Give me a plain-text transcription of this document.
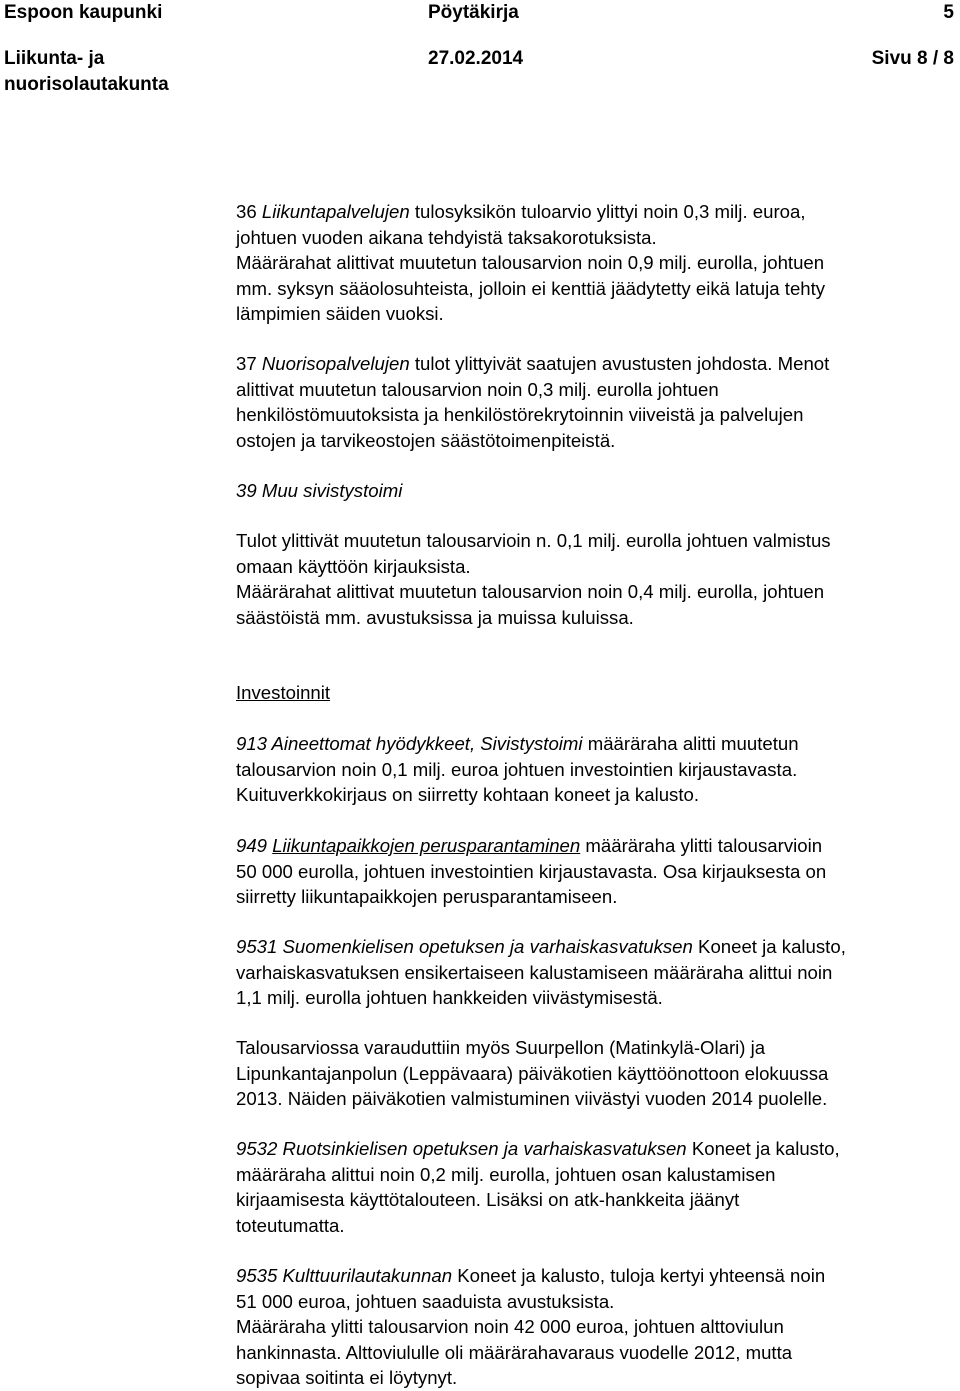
Espoon kaupunki	Pöytäkirja	5
Liikunta- ja
nuorisolautakunta
27.02.2014	Sivu 8 / 8
36 Liikuntapalvelujen tulosyksikön tuloarvio ylittyi noin 0,3 milj. euroa,
johtuen vuoden aikana tehdyistä taksakorotuksista.
Määrärahat alittivat muutetun talousarvion noin 0,9 milj. eurolla, johtuen
mm. syksyn sääolosuhteista, jolloin ei kenttiä jäädytetty eikä latuja tehty
lämpimien säiden vuoksi.
37 Nuorisopalvelujen tulot ylittyivät saatujen avustusten johdosta. Menot
alittivat muutetun talousarvion noin 0,3 milj. eurolla johtuen
henkilöstömuutoksista ja henkilöstörekrytoinnin viiveistä ja palvelujen
ostojen ja tarvikeostojen säästötoimenpiteistä.
39 Muu sivistystoimi
Tulot ylittivät muutetun talousarvioin n. 0,1 milj. eurolla johtuen valmistus
omaan käyttöön kirjauksista.
Määrärahat alittivat muutetun talousarvion noin 0,4 milj. eurolla, johtuen
säästöistä mm. avustuksissa ja muissa kuluissa.
Investoinnit
913 Aineettomat hyödykkeet, Sivistystoimi määräraha alitti muutetun
talousarvion noin 0,1 milj. euroa johtuen investointien kirjaustavasta.
Kuituverkkokirjaus on siirretty kohtaan koneet ja kalusto.
949 Liikuntapaikkojen perusparantaminen määräraha ylitti talousarvioin
50 000 eurolla, johtuen investointien kirjaustavasta. Osa kirjauksesta on
siirretty liikuntapaikkojen perusparantamiseen.
9531 Suomenkielisen opetuksen ja varhaiskasvatuksen Koneet ja kalusto,
varhaiskasvatuksen ensikertaiseen kalustamiseen määräraha alittui noin
1,1 milj. eurolla johtuen hankkeiden viivästymisestä.
Talousarviossa varauduttiin myös Suurpellon (Matinkylä-Olari) ja
Lipunkantajanpolun (Leppävaara) päiväkotien käyttöönottoon elokuussa
2013. Näiden päiväkotien valmistuminen viivästyi vuoden 2014 puolelle.
9532 Ruotsinkielisen opetuksen ja varhaiskasvatuksen Koneet ja kalusto,
määräraha alittui noin 0,2 milj. eurolla, johtuen osan kalustamisen
kirjaamisesta käyttötalouteen. Lisäksi on atk-hankkeita jäänyt
toteutumatta.
9535 Kulttuurilautakunnan Koneet ja kalusto, tuloja kertyi yhteensä noin
51 000 euroa, johtuen saaduista avustuksista.
Määräraha ylitti talousarvion noin 42 000 euroa, johtuen alttoviulun
hankinnasta. Alttoviululle oli määrärahavaraus vuodelle 2012, mutta
sopivaa soitinta ei löytynyt.
